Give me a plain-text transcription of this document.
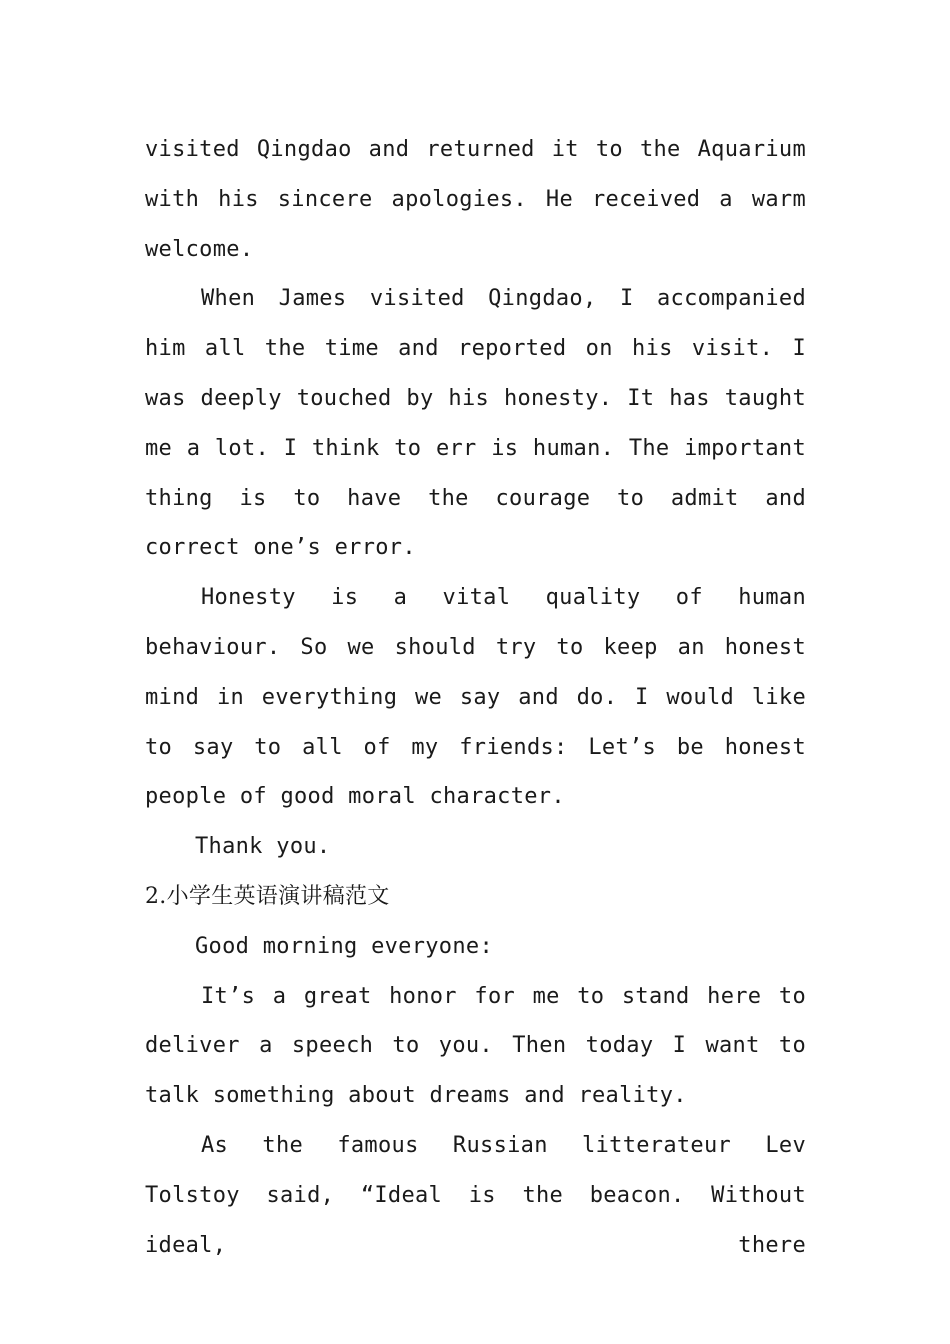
visited Qingdao and returned it to the Aquarium with his sincere apologies. He received a warm welcome.

When James visited Qingdao, I accompanied him all the time and reported on his visit. I was deeply touched by his honesty. It has taught me a lot. I think to err is human. The important thing is to have the courage to admit and correct one’s error.

Honesty is a vital quality of human behaviour. So we should try to keep an honest mind in everything we say and do. I would like to say to all of my friends: Let’s be honest people of good moral character.

Thank you.

2.小学生英语演讲稿范文

Good morning everyone:

It’s a great honor for me to stand here to deliver a speech to you. Then today I want to talk something about dreams and reality.

As the famous Russian litterateur Lev Tolstoy said, “Ideal is the beacon. Without ideal, there
